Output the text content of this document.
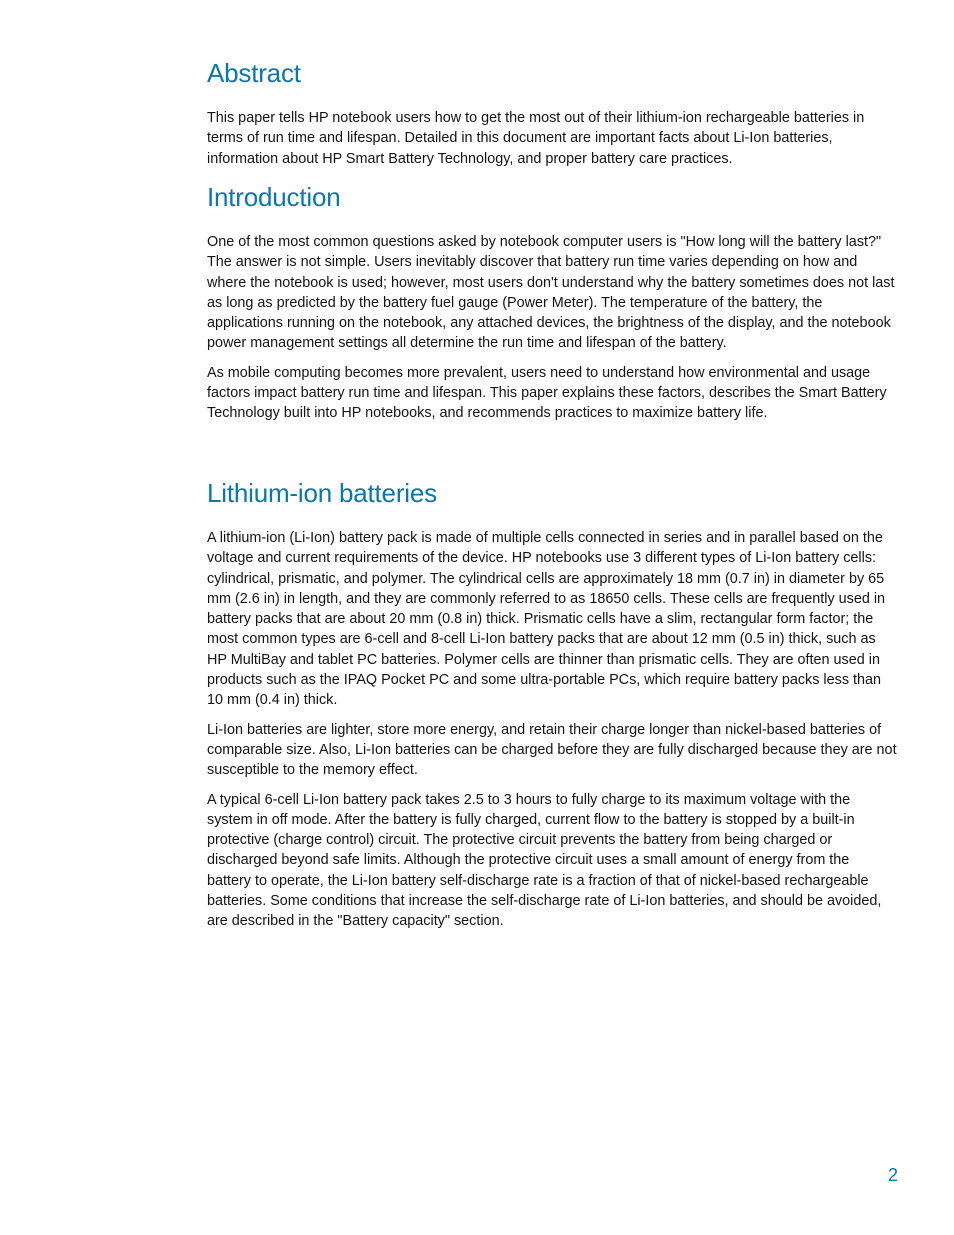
Abstract

This paper tells HP notebook users how to get the most out of their lithium-ion rechargeable batteries in terms of run time and lifespan. Detailed in this document are important facts about Li-Ion batteries, information about HP Smart Battery Technology, and proper battery care practices.

Introduction

One of the most common questions asked by notebook computer users is "How long will the battery last?" The answer is not simple. Users inevitably discover that battery run time varies depending on how and where the notebook is used; however, most users don't understand why the battery sometimes does not last as long as predicted by the battery fuel gauge (Power Meter). The temperature of the battery, the applications running on the notebook, any attached devices, the brightness of the display, and the notebook power management settings all determine the run time and lifespan of the battery.

As mobile computing becomes more prevalent, users need to understand how environmental and usage factors impact battery run time and lifespan. This paper explains these factors, describes the Smart Battery Technology built into HP notebooks, and recommends practices to maximize battery life.

Lithium-ion batteries

A lithium-ion (Li-Ion) battery pack is made of multiple cells connected in series and in parallel based on the voltage and current requirements of the device. HP notebooks use 3 different types of Li-Ion battery cells: cylindrical, prismatic, and polymer. The cylindrical cells are approximately 18 mm (0.7 in) in diameter by 65 mm (2.6 in) in length, and they are commonly referred to as 18650 cells. These cells are frequently used in battery packs that are about 20 mm (0.8 in) thick. Prismatic cells have a slim, rectangular form factor; the most common types are 6-cell and 8-cell Li-Ion battery packs that are about 12 mm (0.5 in) thick, such as HP MultiBay and tablet PC batteries. Polymer cells are thinner than prismatic cells. They are often used in products such as the IPAQ Pocket PC and some ultra-portable PCs, which require battery packs less than 10 mm (0.4 in) thick.

Li-Ion batteries are lighter, store more energy, and retain their charge longer than nickel-based batteries of comparable size. Also, Li-Ion batteries can be charged before they are fully discharged because they are not susceptible to the memory effect.

A typical 6-cell Li-Ion battery pack takes 2.5 to 3 hours to fully charge to its maximum voltage with the system in off mode. After the battery is fully charged, current flow to the battery is stopped by a built-in protective (charge control) circuit. The protective circuit prevents the battery from being charged or discharged beyond safe limits. Although the protective circuit uses a small amount of energy from the battery to operate, the Li-Ion battery self-discharge rate is a fraction of that of nickel-based rechargeable batteries. Some conditions that increase the self-discharge rate of Li-Ion batteries, and should be avoided, are described in the "Battery capacity" section.

2
